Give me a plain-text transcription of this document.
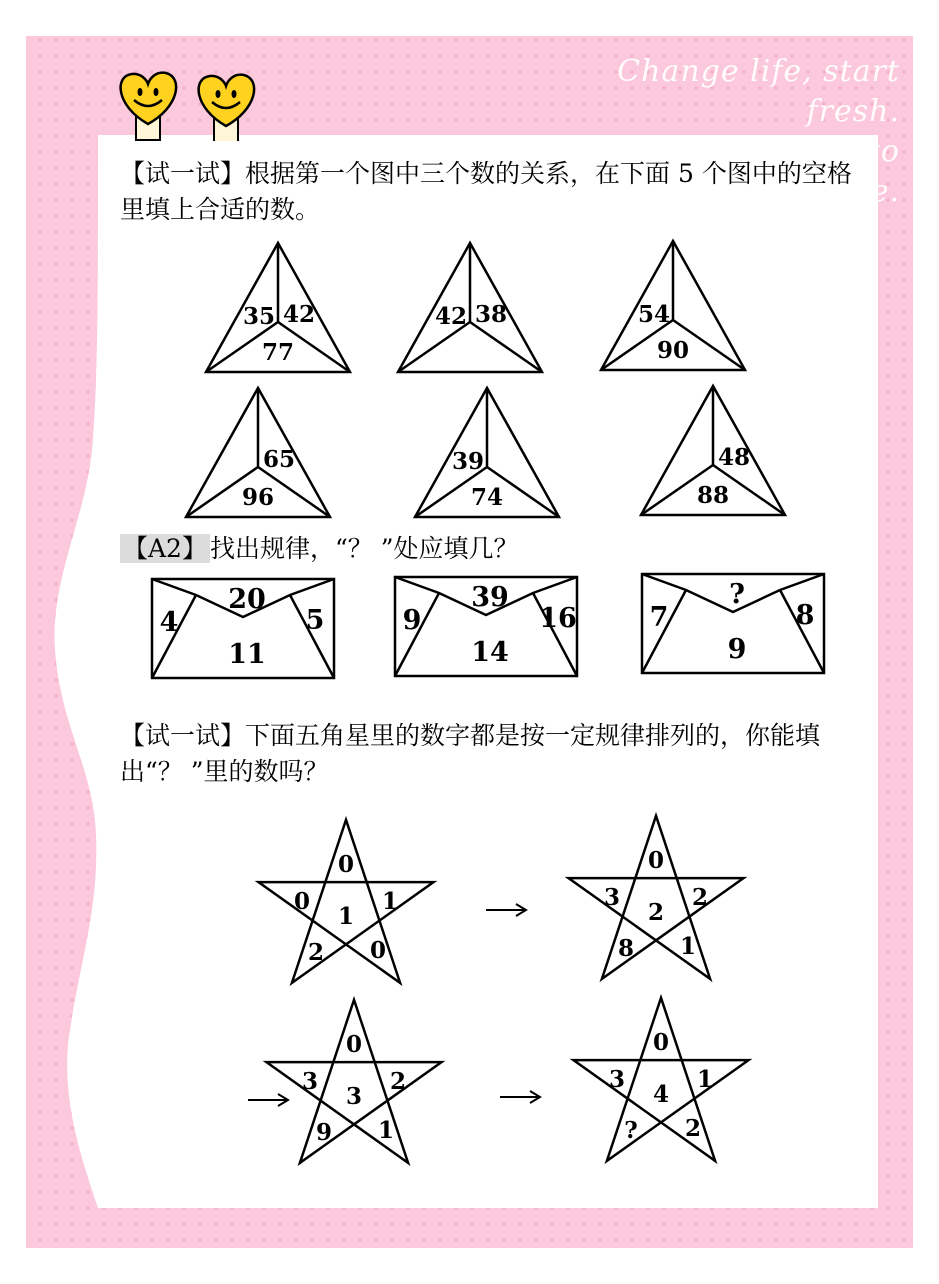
Change life, start fresh.
The best is yet to come.
【试一试】根据第一个图中三个数的关系，在下面 5 个图中的空格里填上合适的数。
35 42
77
42 38	54
90
65
96
39
74
48
88
【A2】 找出规律，“？ ”处应填几？
20
4	5
11
39
9	16
14
?
7	8
9
【试一试】下面五角星里的数字都是按一定规律排列的，你能填出“？ ”里的数吗？
0
0	1
2 0
1
0
3	2
8 1
2
0
3	2
9 1
3
0
3	1
? 2
4
